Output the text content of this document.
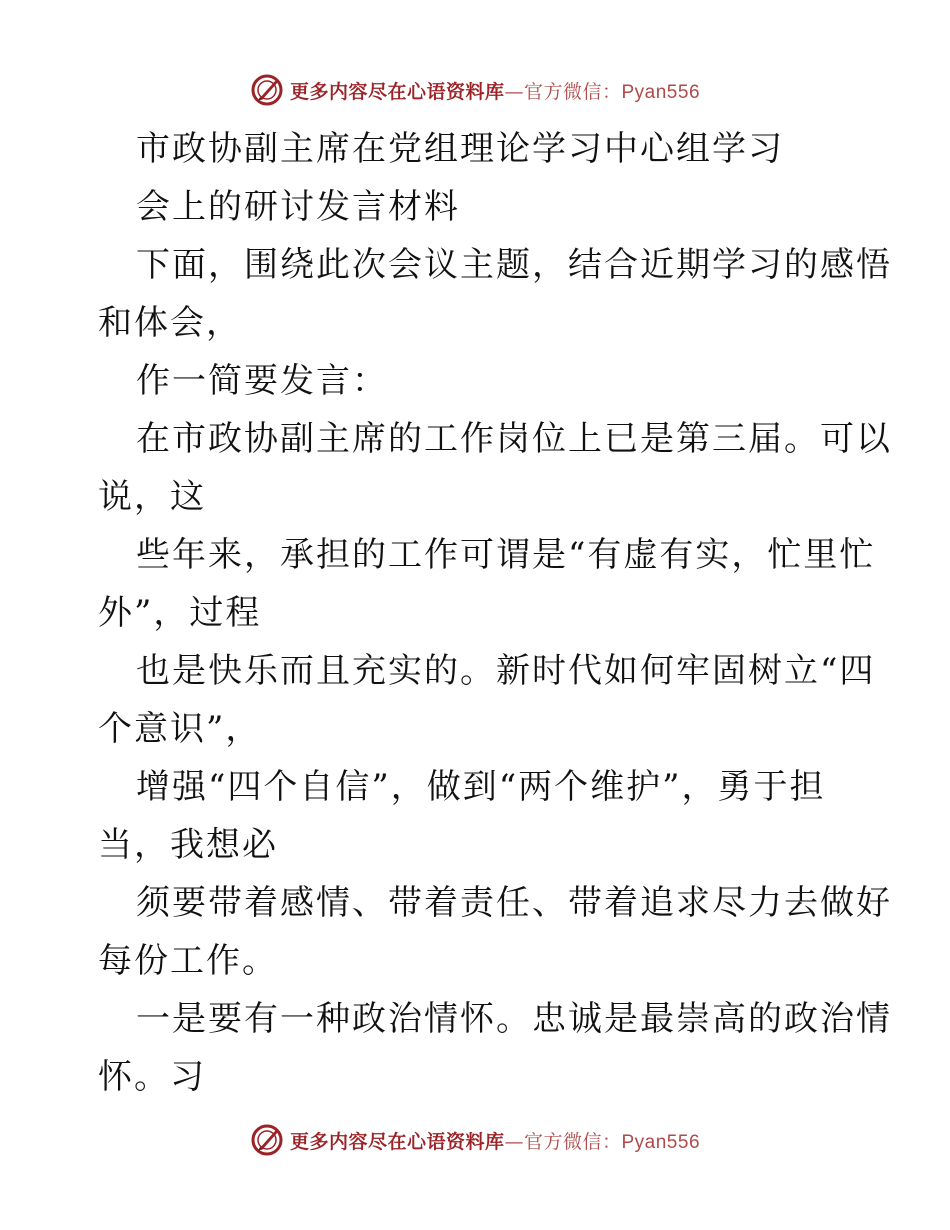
更多内容尽在心语资料库 —官方微信： Pyan556
市政协副主席在党组理论学习中心组学习
会上的研讨发言材料
下面，围绕此次会议主题，结合近期学习的感悟
和体会，
作一简要发言：
在市政协副主席的工作岗位上已是第三届。可以
说，这
些年来，承担的工作可谓是“有虚有实，忙里忙
外”，过程
也是快乐而且充实的。新时代如何牢固树立“四
个意识”，
增强“四个自信”，做到“两个维护”，勇于担
当，我想必
须要带着感情、带着责任、带着追求尽力去做好
每份工作。
一是要有一种政治情怀。忠诚是最崇高的政治情
怀。习
更多内容尽在心语资料库 —官方微信： Pyan556
